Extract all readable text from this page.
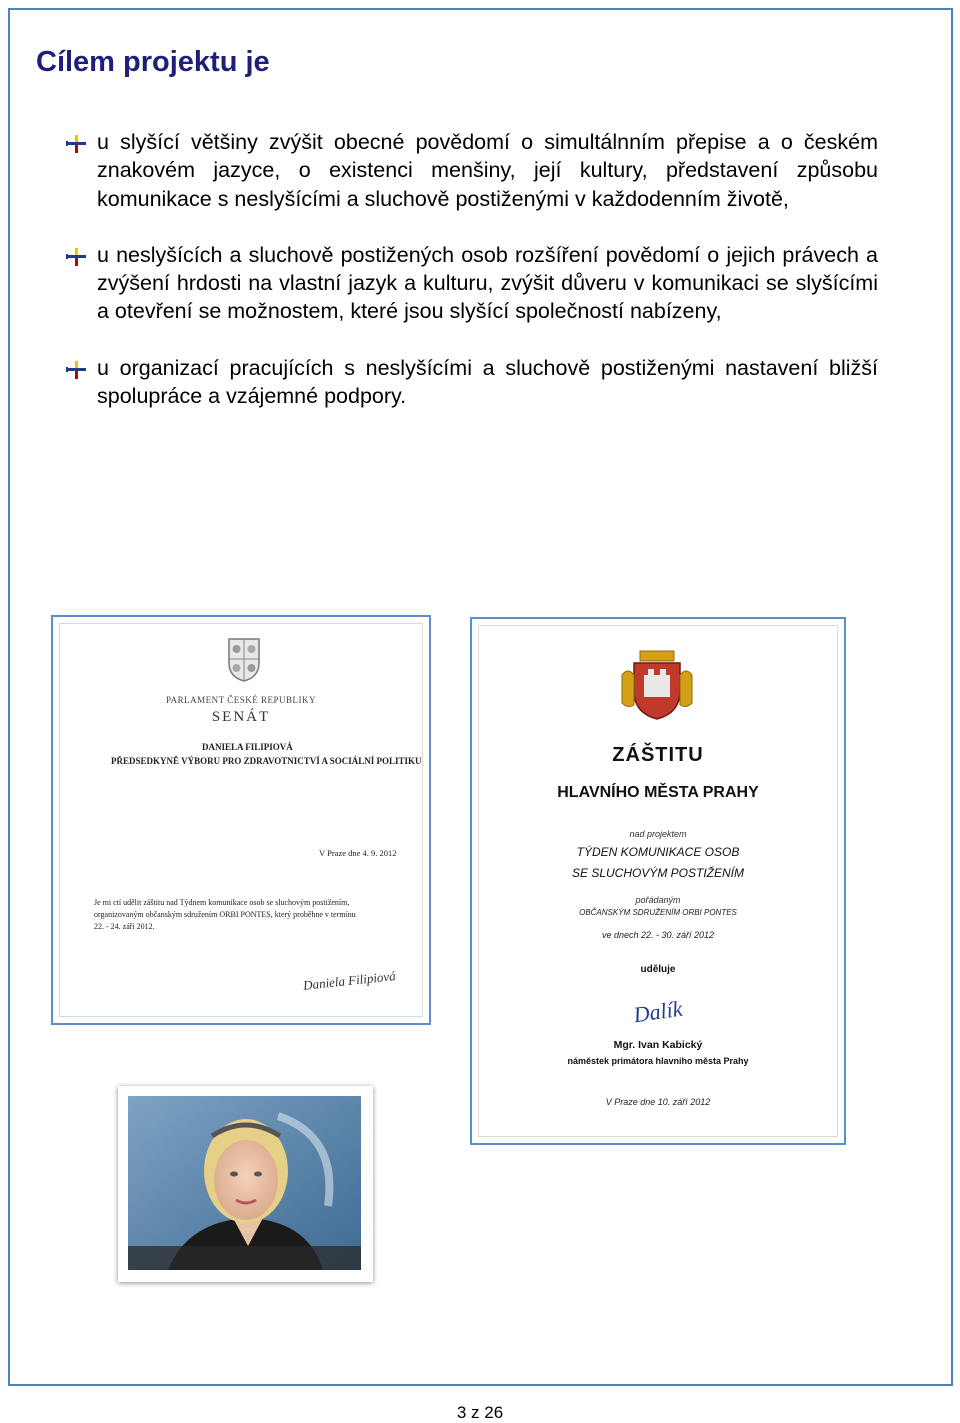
Cílem projektu je
u slyšící většiny zvýšit obecné povědomí o simultálnním přepise a o českém znakovém jazyce, o existenci menšiny, její kultury, představení způsobu komunikace s neslyšícími a sluchově postiženými v každodenním životě,
u neslyšících a sluchově postižených osob rozšíření povědomí o jejich právech a zvýšení hrdosti na vlastní jazyk a kulturu, zvýšit důveru v komunikaci se slyšícími a otevření se možnostem, které jsou slyšící společností nabízeny,
u organizací pracujících s neslyšícími a sluchově postiženými nastavení bližší spolupráce a vzájemné podpory.
PARLAMENT ČESKÉ REPUBLIKY
SENÁT
DANIELA FILIPIOVÁ
PŘEDSEDKYNĚ VÝBORU PRO ZDRAVOTNICTVÍ A SOCIÁLNÍ POLITIKU
V Praze dne 4. 9. 2012
Je mi ctí udělit záštitu nad Týdnem komunikace osob se sluchovým postižením,
organizovaným občanským sdružením ORBI PONTES, který proběhne v termínu
22. - 24. září 2012.
Daniela Filipiová
ZÁŠTITU
HLAVNÍHO MĚSTA PRAHY
nad projektem
TÝDEN KOMUNIKACE OSOB
SE SLUCHOVÝM POSTIŽENÍM
pořádaným
OBČANSKÝM SDRUŽENÍM ORBI PONTES
ve dnech 22. - 30. září 2012
uděluje
Dalík
Mgr. Ivan Kabický
náměstek primátora hlavního města Prahy
V Praze dne 10. září 2012
3 z 26
